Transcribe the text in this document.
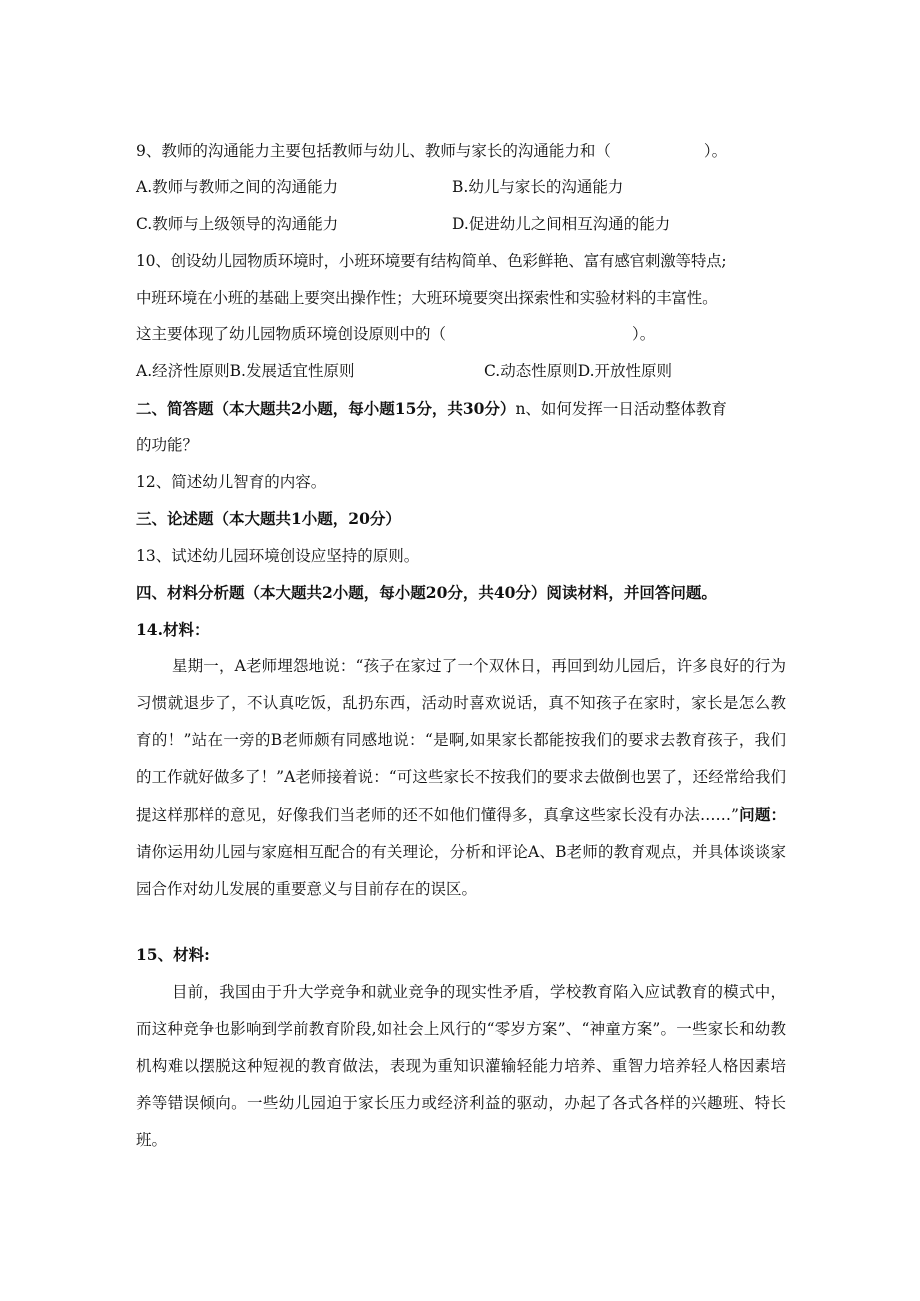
9、教师的沟通能力主要包括教师与幼儿、教师与家长的沟通能力和（　　　　　　）。
A.教师与教师之间的沟通能力	B.幼儿与家长的沟通能力
C.教师与上级领导的沟通能力	D.促进幼儿之间相互沟通的能力
10、创设幼儿园物质环境时，小班环境要有结构简单、色彩鲜艳、富有感官刺激等特点;
中班环境在小班的基础上要突出操作性；大班环境要突出探索性和实验材料的丰富性。
这主要体现了幼儿园物质环境创设原则中的（　　　　　　　　　　　　）。
A.经济性原则B.发展适宜性原则	C.动态性原则D.开放性原则
二、简答题（本大题共2小题，每小题15分，共30分）n、如何发挥一日活动整体教育
的功能？
12、简述幼儿智育的内容。
三、论述题（本大题共1小题，20分）
13、试述幼儿园环境创设应坚持的原则。
四、材料分析题（本大题共2小题，每小题20分，共40分）阅读材料，并回答问题。
14.材料：
星期一，A老师埋怨地说：“孩子在家过了一个双休日，再回到幼儿园后，许多良好的行为习惯就退步了，不认真吃饭，乱扔东西，活动时喜欢说话，真不知孩子在家时，家长是怎么教育的！”站在一旁的B老师颇有同感地说：“是啊,如果家长都能按我们的要求去教育孩子，我们的工作就好做多了！”A老师接着说：“可这些家长不按我们的要求去做倒也罢了，还经常给我们提这样那样的意见，好像我们当老师的还不如他们懂得多，真拿这些家长没有办法……”问题：请你运用幼儿园与家庭相互配合的有关理论，分析和评论A、B老师的教育观点，并具体谈谈家园合作对幼儿发展的重要意义与目前存在的误区。
15、材料:
目前，我国由于升大学竞争和就业竞争的现实性矛盾，学校教育陷入应试教育的模式中，而这种竞争也影响到学前教育阶段,如社会上风行的“零岁方案”、“神童方案”。一些家长和幼教机构难以摆脱这种短视的教育做法，表现为重知识灌输轻能力培养、重智力培养轻人格因素培养等错误倾向。一些幼儿园迫于家长压力或经济利益的驱动，办起了各式各样的兴趣班、特长班。
